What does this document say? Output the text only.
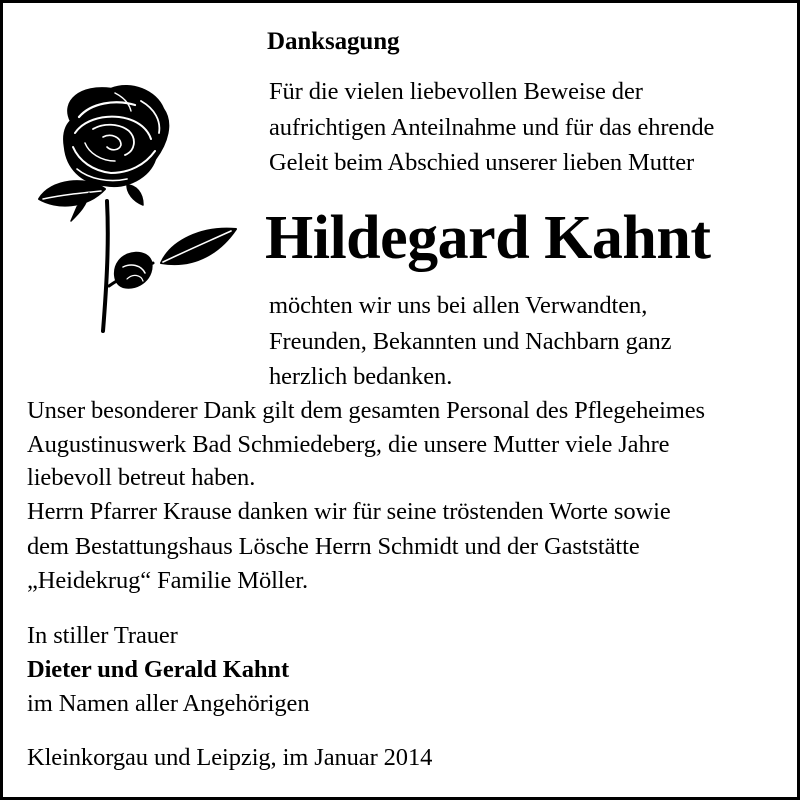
Danksagung
Für die vielen liebevollen Beweise der
aufrichtigen Anteilnahme und für das ehrende
Geleit beim Abschied unserer lieben Mutter
Hildegard Kahnt
möchten wir uns bei allen Verwandten,
Freunden, Bekannten und Nachbarn ganz
herzlich bedanken.
Unser besonderer Dank gilt dem gesamten Personal des Pflegeheimes
Augustinuswerk Bad Schmiedeberg, die unsere Mutter viele Jahre
liebevoll betreut haben.
Herrn Pfarrer Krause danken wir für seine tröstenden Worte sowie
dem Bestattungshaus Lösche Herrn Schmidt und der Gaststätte
„Heidekrug“ Familie Möller.
In stiller Trauer
Dieter und Gerald Kahnt
im Namen aller Angehörigen
Kleinkorgau und Leipzig, im Januar 2014
